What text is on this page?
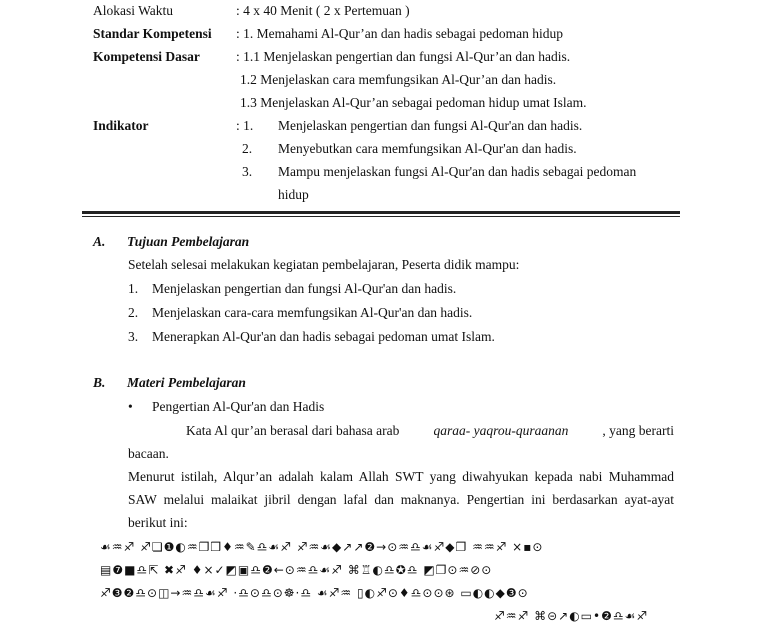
Alokasi Waktu	: 4 x 40 Menit ( 2 x Pertemuan )
Standar Kompetensi : 1. Memahami Al-Qur’an dan hadis sebagai pedoman hidup
Kompetensi Dasar	: 1.1 Menjelaskan pengertian dan fungsi Al-Qur’an dan hadis.
1.2 Menjelaskan cara memfungsikan Al-Qur’an dan hadis.
1.3 Menjelaskan Al-Qur’an sebagai pedoman hidup umat Islam.
Indikator	: 1. Menjelaskan pengertian dan fungsi Al-Qur'an dan hadis.
2. Menyebutkan cara memfungsikan Al-Qur'an dan hadis.
3. Mampu menjelaskan fungsi Al-Qur'an dan hadis sebagai pedoman
hidup
A. Tujuan Pembelajaran
Setelah selesai melakukan kegiatan pembelajaran, Peserta didik mampu:
1. Menjelaskan pengertian dan fungsi Al-Qur'an dan hadis.
2. Menjelaskan cara-cara memfungsikan Al-Qur'an dan hadis.
3. Menerapkan Al-Qur'an dan hadis sebagai pedoman umat Islam.
B. Materi Pembelajaran
• Pengertian Al-Qur'an dan Hadis
Kata Al qur’an berasal dari bahasa arab	qaraa- yaqrou-quraanan	, yang berarti
bacaan.
Menurut istilah, Alqur’an adalah kalam Allah SWT yang diwahyukan kepada nabi Muhammad
SAW melalui malaikat jibril dengan lafal dan maknanya. Pengertian ini berdasarkan ayat-ayat
berikut ini:
☙♒♐ ♐❏❶◐♒❐❒♦♒✎♎☙♐ ♐♒☙◆↗↗❷→⊙♒♎☙♐◆❐ ♒♒♐ ×▪⊙
▤❼■♎⇱ ✖♐ ♦×✓◩▣♎❷←⊙♒♎☙♐ ⌘♖◐♎✪♎ ◩❐⊙♒⊘⊙
♐❸❷♎⊙◫→♒♎☙♐ ·♎⊙♎⊙☸·♎ ☙♐♒ ▯◐♐⊙♦♎⊙⊙⊛ ▭◐◐◆❸⊙
♐♒♐ ⌘⊝↗◐▭•❷♎☙♐
